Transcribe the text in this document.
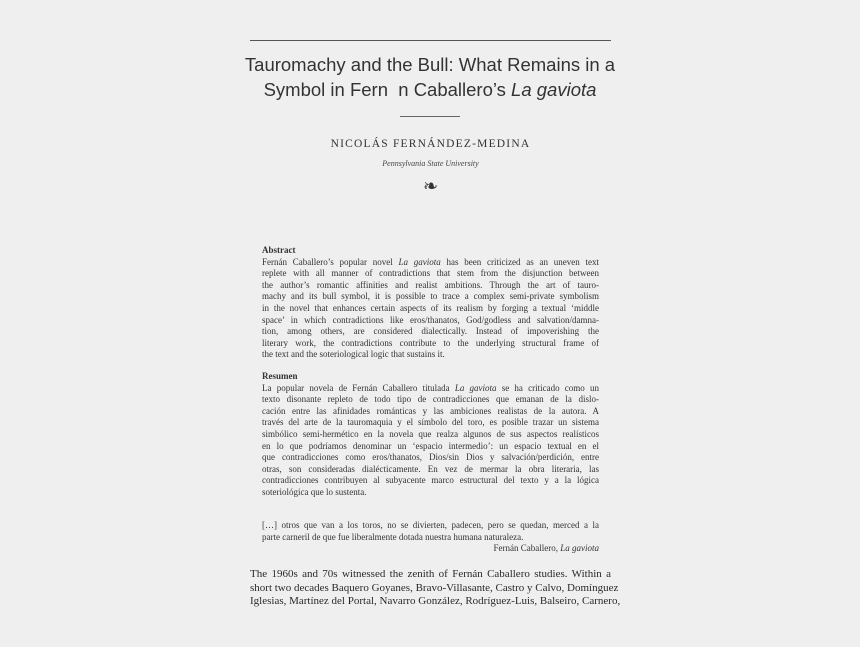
Tauromachy and the Bull: What Remains in a
Symbol in Fern  n Caballero’s La gaviota
NICOLÁS FERNÁNDEZ-MEDINA
Pennsylvania State University
❧
Abstract
Fernán Caballero’s popular novel La gaviota has been criticized as an uneven text
replete with all manner of contradictions that stem from the disjunction between
the author’s romantic affinities and realist ambitions. Through the art of tauro-
machy and its bull symbol, it is possible to trace a complex semi-private symbolism
in the novel that enhances certain aspects of its realism by forging a textual ‘middle
space’ in which contradictions like eros/thanatos, God/godless and salvation/damna-
tion, among others, are considered dialectically. Instead of impoverishing the
literary work, the contradictions contribute to the underlying structural frame of
the text and the soteriological logic that sustains it.
Resumen
La popular novela de Fernán Caballero titulada La gaviota se ha criticado como un
texto disonante repleto de todo tipo de contradicciones que emanan de la dislo-
cación entre las afinidades románticas y las ambiciones realistas de la autora. A
través del arte de la tauromaquia y el símbolo del toro, es posible trazar un sistema
simbólico semi-hermético en la novela que realza algunos de sus aspectos realísticos
en lo que podríamos denominar un ‘espacio intermedio’: un espacio textual en el
que contradicciones como eros/thanatos, Dios/sin Dios y salvación/perdición, entre
otras, son consideradas dialécticamente. En vez de mermar la obra literaria, las
contradicciones contribuyen al subyacente marco estructural del texto y a la lógica
soteriológica que lo sustenta.
[…] otros que van a los toros, no se divierten, padecen, pero se quedan, merced a la
parte carneril de que fue liberalmente dotada nuestra humana naturaleza.
Fernán Caballero, La gaviota
The 1960s and 70s witnessed the zenith of Fernán Caballero studies. Within a
short two decades Baquero Goyanes, Bravo-Villasante, Castro y Calvo, Domínguez
Iglesias, Martínez del Portal, Navarro González, Rodríguez-Luis, Balseiro, Carnero,
